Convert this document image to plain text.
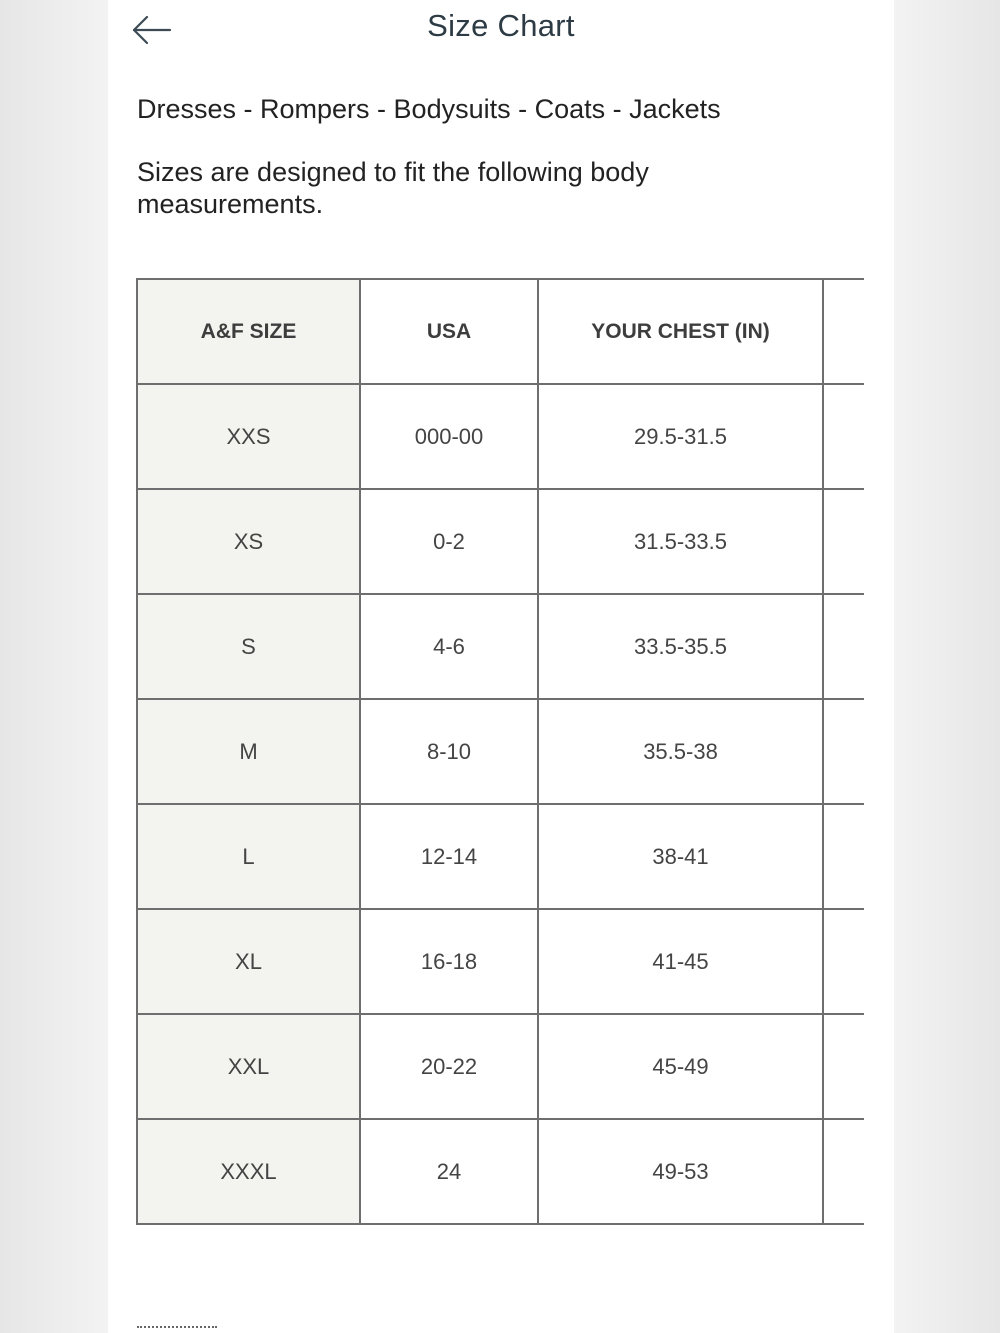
Size Chart
Dresses - Rompers - Bodysuits - Coats - Jackets
Sizes are designed to fit the following body measurements.
A&F SIZE	USA	YOUR CHEST (IN)	
XXS	000-00	29.5-31.5	
XS	0-2	31.5-33.5	
S	4-6	33.5-35.5	
M	8-10	35.5-38	
L	12-14	38-41	
XL	16-18	41-45	
XXL	20-22	45-49	
XXXL	24	49-53	
